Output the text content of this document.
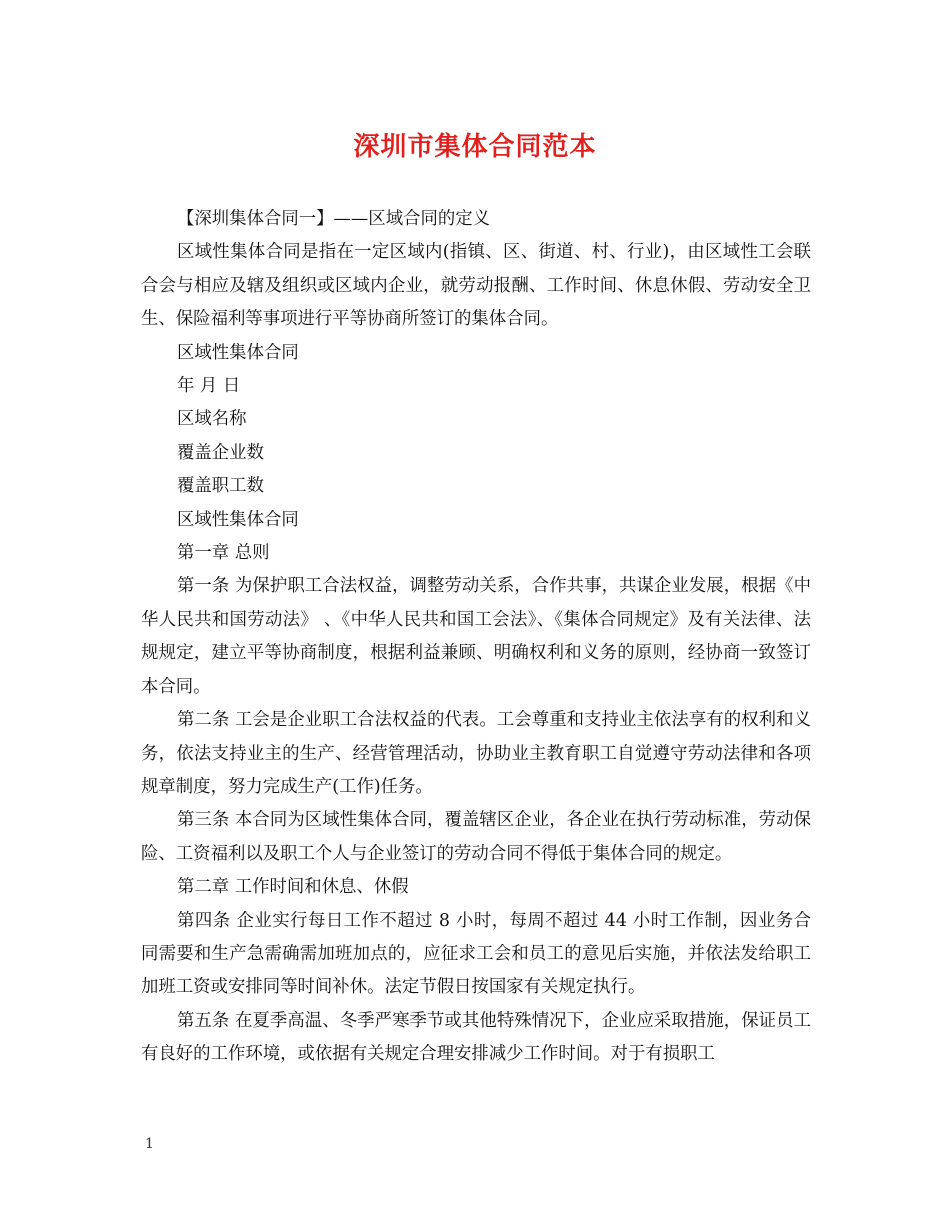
深圳市集体合同范本

【深圳集体合同一】——区域合同的定义

区域性集体合同是指在一定区域内(指镇、区、街道、村、行业)，由区域性工会联合会与相应及辖及组织或区域内企业，就劳动报酬、工作时间、休息休假、劳动安全卫生、保险福利等事项进行平等协商所签订的集体合同。

区域性集体合同

年 月 日

区域名称

覆盖企业数

覆盖职工数

区域性集体合同

第一章 总则

第一条 为保护职工合法权益，调整劳动关系，合作共事，共谋企业发展，根据《中华人民共和国劳动法》 、《中华人民共和国工会法》、《集体合同规定》及有关法律、法规规定，建立平等协商制度，根据利益兼顾、明确权利和义务的原则，经协商一致签订本合同。

第二条 工会是企业职工合法权益的代表。工会尊重和支持业主依法享有的权利和义务，依法支持业主的生产、经营管理活动，协助业主教育职工自觉遵守劳动法律和各项规章制度，努力完成生产(工作)任务。

第三条 本合同为区域性集体合同，覆盖辖区企业，各企业在执行劳动标准，劳动保险、工资福利以及职工个人与企业签订的劳动合同不得低于集体合同的规定。

第二章 工作时间和休息、休假

第四条 企业实行每日工作不超过 8 小时，每周不超过 44 小时工作制，因业务合同需要和生产急需确需加班加点的，应征求工会和员工的意见后实施，并依法发给职工加班工资或安排同等时间补休。法定节假日按国家有关规定执行。

第五条 在夏季高温、冬季严寒季节或其他特殊情况下，企业应采取措施，保证员工有良好的工作环境，或依据有关规定合理安排减少工作时间。对于有损职工

1
